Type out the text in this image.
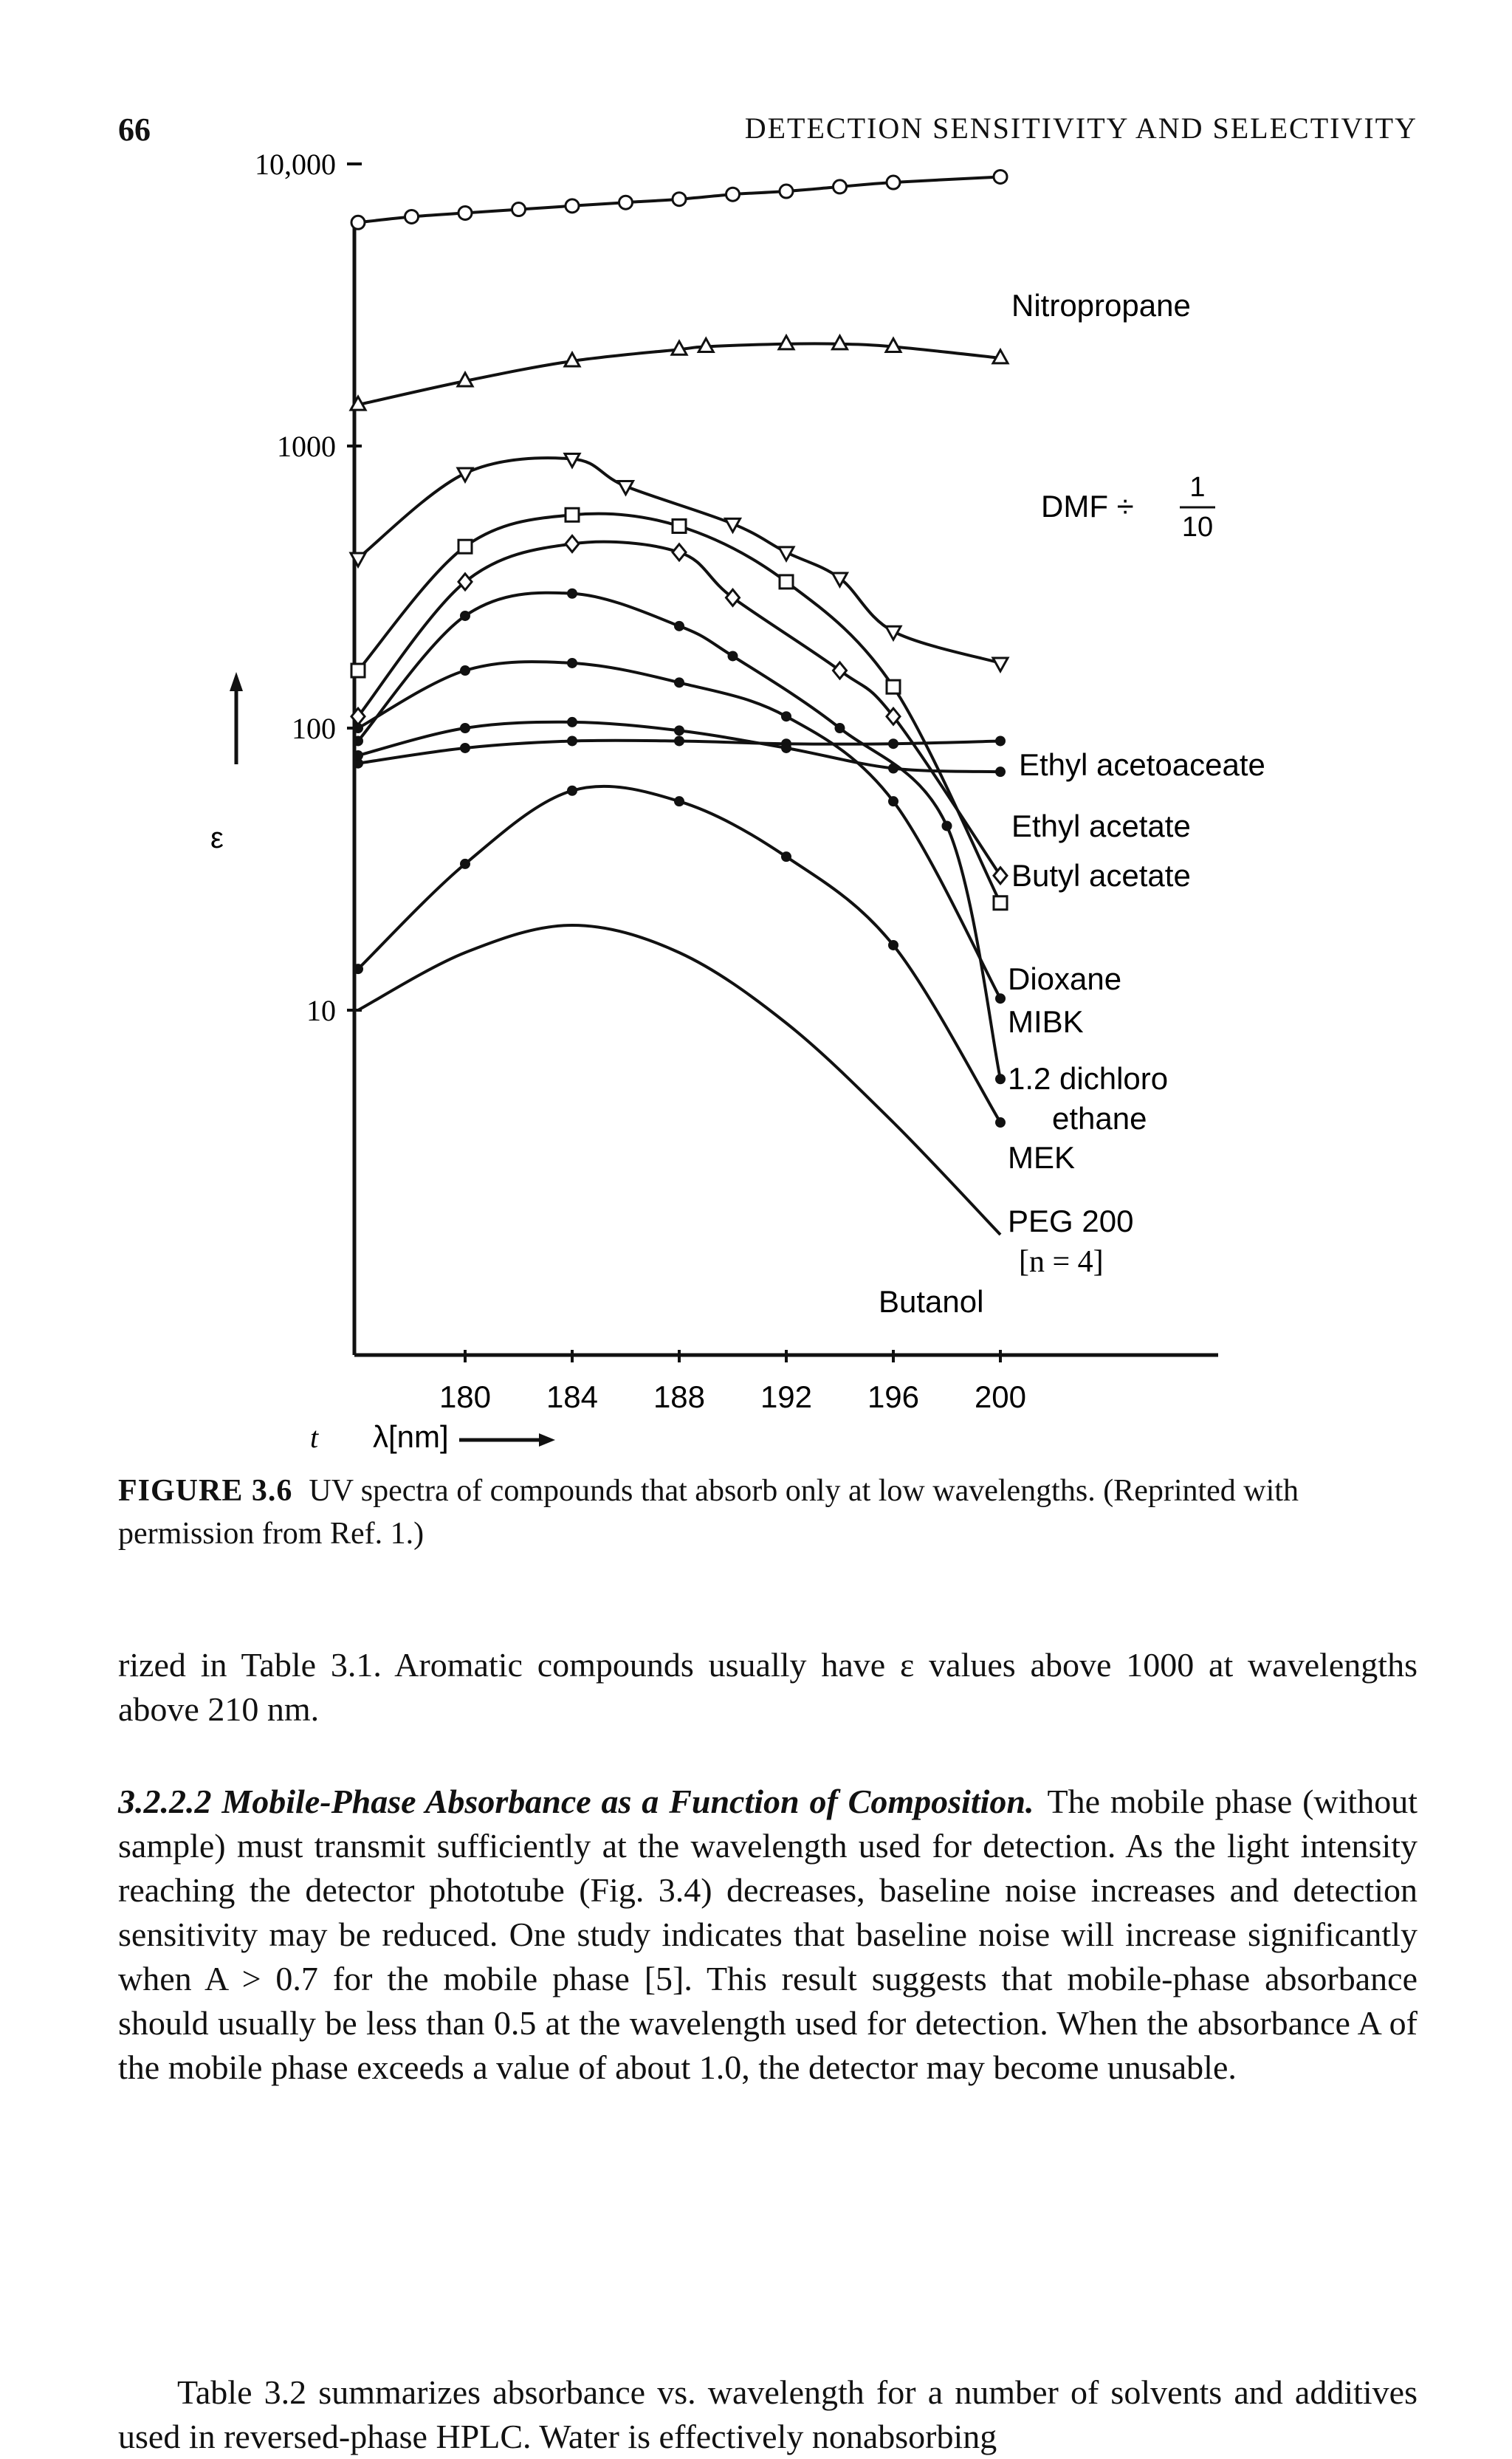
66	DETECTION SENSITIVITY AND SELECTIVITY
10,000
1000
100
10
180 184 188 192 196 200
Nitropropane
DMF ÷
1
10
Ethyl acetoaceate
Ethyl acetate
Butyl acetate
Dioxane
MIBK
1.2 dichloro ethane
MEK
PEG 200 [n = 4]
Butanol
ε
t λ[nm]
FIGURE 3.6 UV spectra of compounds that absorb only at low wavelengths. (Reprinted with permission from Ref. 1.)
rized in Table 3.1. Aromatic compounds usually have ε values above 1000 at wavelengths above 210 nm.
3.2.2.2 Mobile-Phase Absorbance as a Function of Composition. The mobile phase (without sample) must transmit sufficiently at the wavelength used for detection. As the light intensity reaching the detector phototube (Fig. 3.4) decreases, baseline noise increases and detection sensitivity may be reduced. One study indicates that baseline noise will increase significantly when A > 0.7 for the mobile phase [5]. This result suggests that mobile-phase absorbance should usually be less than 0.5 at the wavelength used for detection. When the absorbance A of the mobile phase exceeds a value of about 1.0, the detector may become unusable.
Table 3.2 summarizes absorbance vs. wavelength for a number of solvents and additives used in reversed-phase HPLC. Water is effectively nonabsorbing
